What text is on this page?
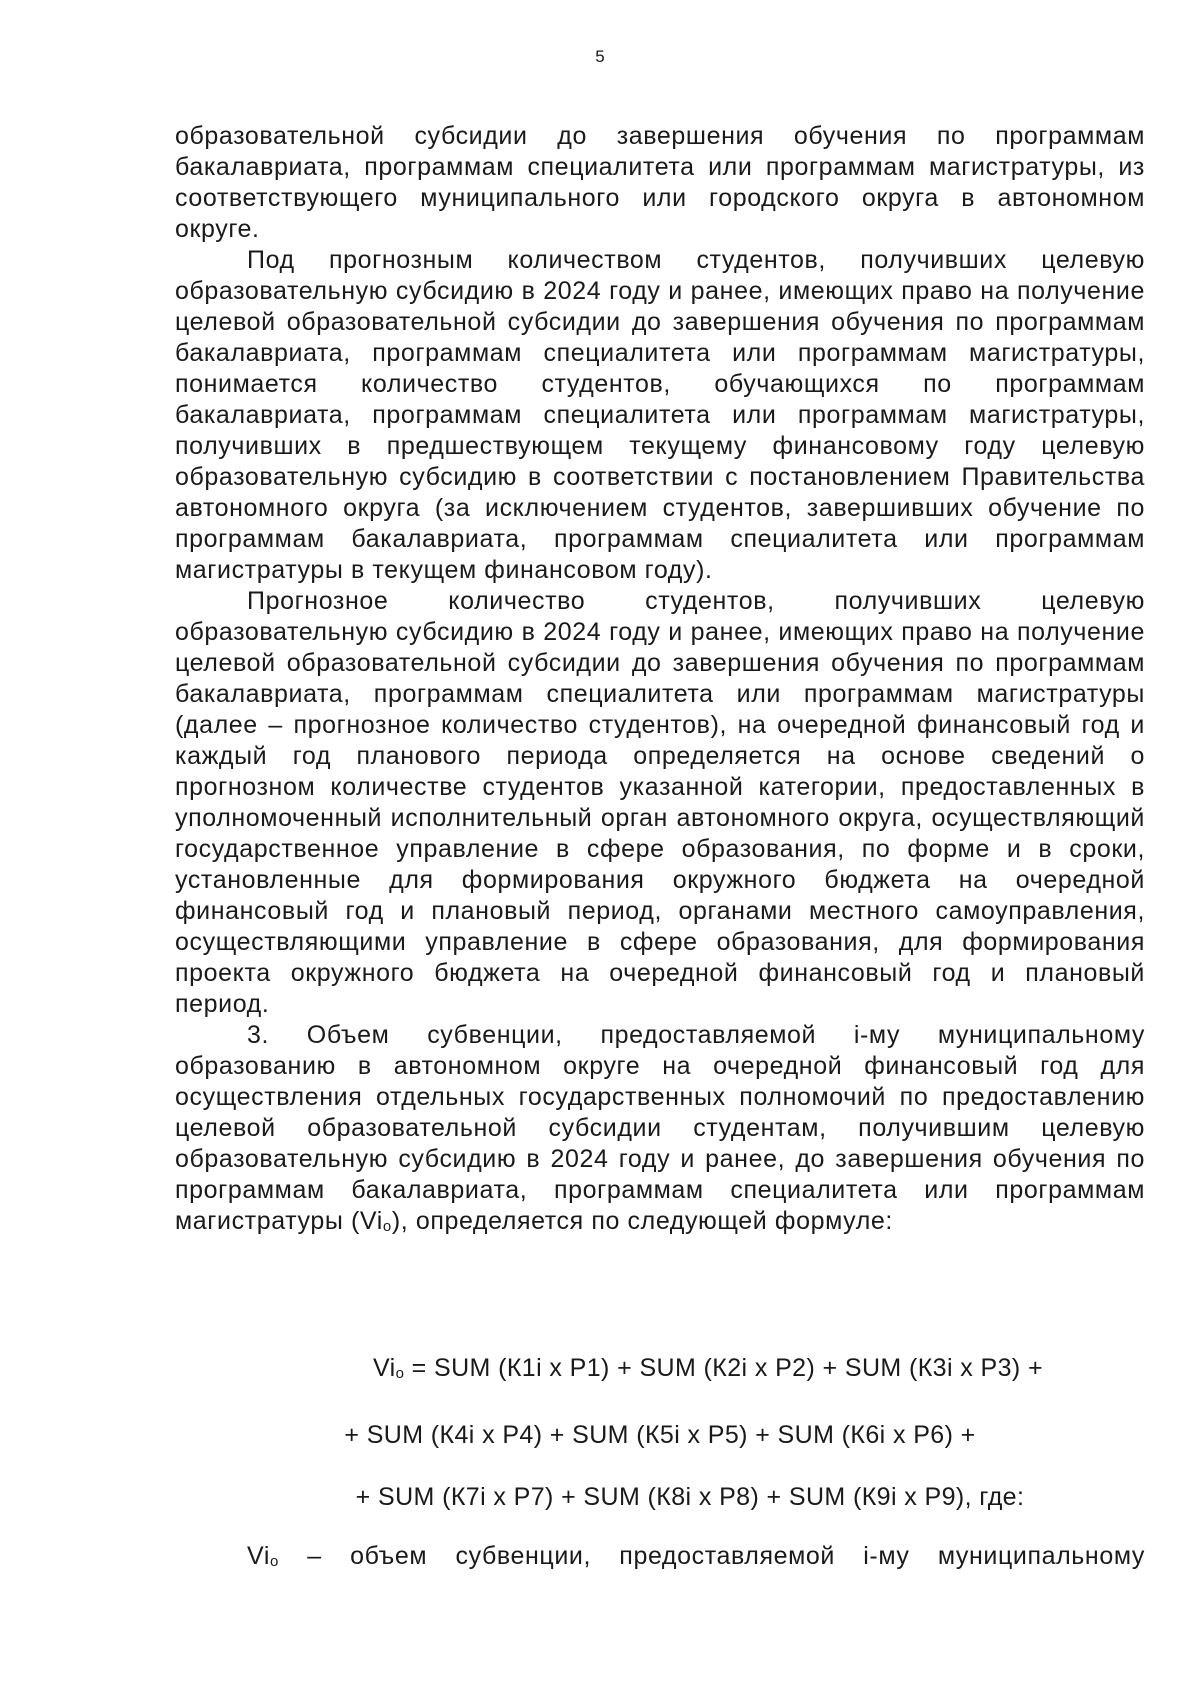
5

образовательной субсидии до завершения обучения по программам бакалавриата, программам специалитета или программам магистратуры, из соответствующего муниципального или городского округа в автономном округе.

Под прогнозным количеством студентов, получивших целевую образовательную субсидию в 2024 году и ранее, имеющих право на получение целевой образовательной субсидии до завершения обучения по программам бакалавриата, программам специалитета или программам магистратуры, понимается количество студентов, обучающихся по программам бакалавриата, программам специалитета или программам магистратуры, получивших в предшествующем текущему финансовому году целевую образовательную субсидию в соответствии с постановлением Правительства автономного округа (за исключением студентов, завершивших обучение по программам бакалавриата, программам специалитета или программам магистратуры в текущем финансовом году).

Прогнозное количество студентов, получивших целевую образовательную субсидию в 2024 году и ранее, имеющих право на получение целевой образовательной субсидии до завершения обучения по программам бакалавриата, программам специалитета или программам магистратуры (далее – прогнозное количество студентов), на очередной финансовый год и каждый год планового периода определяется на основе сведений о прогнозном количестве студентов указанной категории, предоставленных в уполномоченный исполнительный орган автономного округа, осуществляющий государственное управление в сфере образования, по форме и в сроки, установленные для формирования окружного бюджета на очередной финансовый год и плановый период, органами местного самоуправления, осуществляющими управление в сфере образования, для формирования проекта окружного бюджета на очередной финансовый год и плановый период.

3. Объем субвенции, предоставляемой i-му муниципальному образованию в автономном округе на очередной финансовый год для осуществления отдельных государственных полномочий по предоставлению целевой образовательной субсидии студентам, получившим целевую образовательную субсидию в 2024 году и ранее, до завершения обучения по программам бакалавриата, программам специалитета или программам магистратуры $(Vi_о)$, определяется по следующей формуле:

$Vi_о$ = SUM (К1i х Р1) + SUM (К2i х Р2) + SUM (К3i х Р3) +
+ SUM (К4i х Р4) + SUM (К5i х Р5) + SUM (К6i х Р6) +
+ SUM (К7i х Р7) + SUM (К8i х Р8) + SUM (К9i х Р9), где:

$Vi_о$ – объем субвенции, предоставляемой i-му муниципальному
